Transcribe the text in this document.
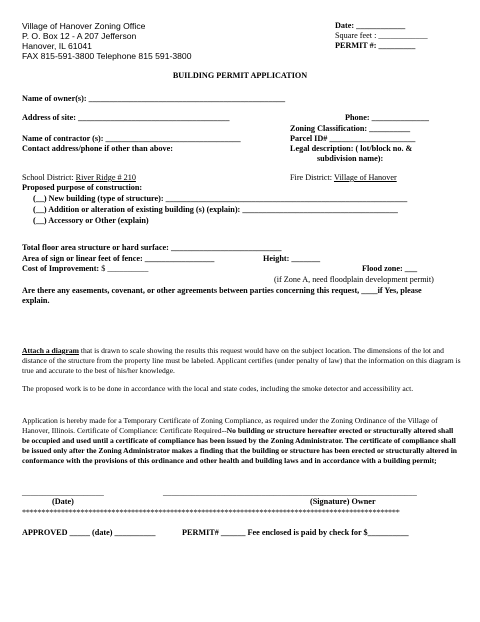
Village of Hanover Zoning Office
P. O. Box 12 - A 207 Jefferson
Hanover, IL 61041
FAX 815-591-3800 Telephone 815 591-3800
Date: ____________
Square feet : ____________
PERMIT #: _________
BUILDING PERMIT APPLICATION
Name of owner(s): ________________________________________________
Address of site: _____________________________________	Phone: ______________
Zoning Classification: __________
Name of contractor (s): _________________________________	Parcel ID# _____________________
Contact address/phone if other than above:	Legal description: ( lot/block no. &
subdivision name):
School District: River Ridge # 210	Fire District: Village of Hanover
Proposed purpose of construction:
(__) New building (type of structure): ___________________________________________________________
(__) Addition or alteration of existing building (s) (explain): ______________________________________
(__) Accessory or Other (explain)
Total floor area structure or hard surface: ___________________________
Area of sign or linear feet of fence: _________________	Height: _______
Cost of Improvement: $ __________	Flood zone: ___
(if Zone A, need floodplain development permit)
Are there any easements, covenant, or other agreements between parties concerning this request, ____if Yes, please
explain.
Attach a diagram that is drawn to scale showing the results this request would have on the subject location. The dimensions of the lot and distance of the structure from the property line must be labeled. Applicant certifies (under penalty of law) that the information on this diagram is true and accurate to the best of his/her knowledge.
The proposed work is to be done in accordance with the local and state codes, including the smoke detector and accessibility act.
Application is hereby made for a Temporary Certificate of Zoning Compliance, as required under the Zoning Ordinance of the Village of Hanover, Illinois. Certificate of Compliance: Certificate Required--No building or structure hereafter erected or structurally altered shall be occupied and used until a certificate of compliance has been issued by the Zoning Administrator. The certificate of compliance shall be issued only after the Zoning Administrator makes a finding that the building or structure has been erected or structurally altered in conformance with the provisions of this ordinance and other health and building laws and in accordance with a building permit;
____________________	______________________________________________________________
(Date)	(Signature) Owner
*************************************************************************************************
APPROVED _____ (date) __________	PERMIT# ______ Fee enclosed is paid by check for $__________
